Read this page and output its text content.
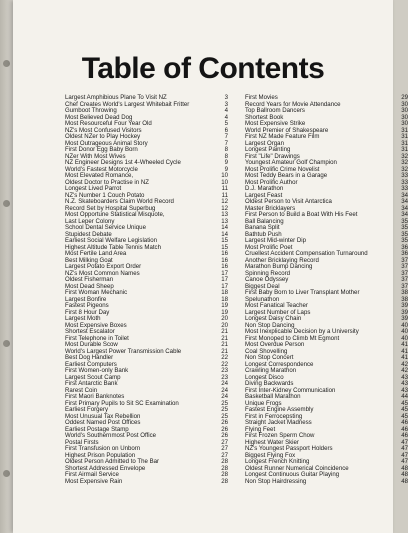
Table of Contents
Largest Amphibious Plane To Visit NZ	3
Chef Creates World's Largest Whitebait Fritter	3
Gumboot Throwing	4
Most Believed Dead Dog	4
Most Resourceful Four Year Old	5
NZ's Most Confused Visitors	6
Oldest NZer to Play Hockey	7
Most Outrageous Animal Story	7
First Donor Egg Baby Born	8
NZer With Most Wives	8
NZ Engineer Designs 1st 4-Wheeled Cycle	9
World's Fastest Motorcycle	9
Most Elevated Romance,	10
Oldest Doctor to Practise in NZ	10
Longest Lived Parrot	11
NZ's Number 1 Couch Potato	11
N.Z. Skateboarders Claim World Record	12
Record Set by Hospital Superbug	12
Most Opportune Statistical Misquote,	13
Last Leper Colony	13
School Dental Service Unique	14
Stupidest Debate	14
Earliest Social Welfare Legislation	15
Highest Altitude Table Tennis Match	15
Most Fertile Land Area	16
Best Milking Goat	16
Largest Potato Export Order	16
NZ's Most Common Names	17
Oldest Fisherman	17
Most Dead Sheep	17
First Woman Mechanic	18
Largest Bonfire	18
Fastest Pigeons	19
First 8 Hour Day	19
Largest Moth	20
Most Expensive Boxes	20
Shortest Escalator	21
First Telephone in Toilet	21
Most Durable Scow	21
World's Largest Power Transmission Cable	21
Best Dog Handler	22
Earliest Computers	22
First Women-only Bank	23
Largest Scout Camp	23
First Antarctic Bank	24
Rarest Coin	24
First Maori Banknotes	24
First Primary Pupils to Sit SC Examination	25
Earliest Forgery	25
Most Unusual Tax Rebellion	25
Oddest Named Post Offices	26
Earliest Postage Stamp	26
World's Southernmost Post Office	26
Postal Firsts	27
First Transfusion on Unborn	27
Highest Prison Population	27
Oldest Person Admitted to The Bar	28
Shortest Addressed Envelope	28
First Airmail Service	28
Most Expensive Rain	28
First Movies	29
Record Years for Movie Attendance	30
Top Ballroom Dancers	30
Shortest Book	30
Most Expensive Strike	30
World Premier of Shakespeare	31
First NZ Made Feature Film	31
Largest Organ	31
Longest Painting	31
First "Life" Drawings	32
Youngest Amateur Golf Champion	32
Most Prolific Crime Novelist	32
Most Teddy Bears in a Garage	33
Most Prolific Author	33
D.J. Marathon	33
Largest Feast	34
Oldest Person to Visit Antarctica	34
Master Bricklayers	34
First Person to Build a Boat With His Feet	34
Ball Balancing	35
Banana Split	35
Bathtub Push	35
Largest Mid-winter Dip	35
Most Prolific Poet	36
Cruellest Accident Compensation Turnaround	36
Another Bricklaying Record	37
Marathon Bump Dancing	37
Spinning Record	37
Canoe Odyssey	37
Biggest Deal	37
First Baby Born to Liver Transplant Mother	38
Spelunathon	38
Most Fanatical Teacher	39
Largest Number of Laps	39
Longest Daisy Chain	39
Non Stop Dancing	40
Most Inexplicable Decision by a University	40
First Monoped to Climb Mt Egmont	40
Most Overdue Person	41
Coal Shovelling	41
Non Stop Concert	41
Longest Correspondence	42
Crawling Marathon	42
Longest Disco	43
Diving Backwards	43
First Inter-Kidney Communication	43
Basketball Marathon	44
Unique Frogs	45
Fastest Engine Assembly	45
First in Ferrocepsting	45
Straight Jacket Madness	46
Flying Feet	46
First Frozen Sperm Chow	46
Highest Water Skier	47
NZ's Youngest Passport Holders	47
Biggest Flying Fox	47
Longest French Knitting	47
Oldest Runner Numerical Coincidence	48
Longest Continuous Guitar Playing	48
Non Stop Hairdressing	48
